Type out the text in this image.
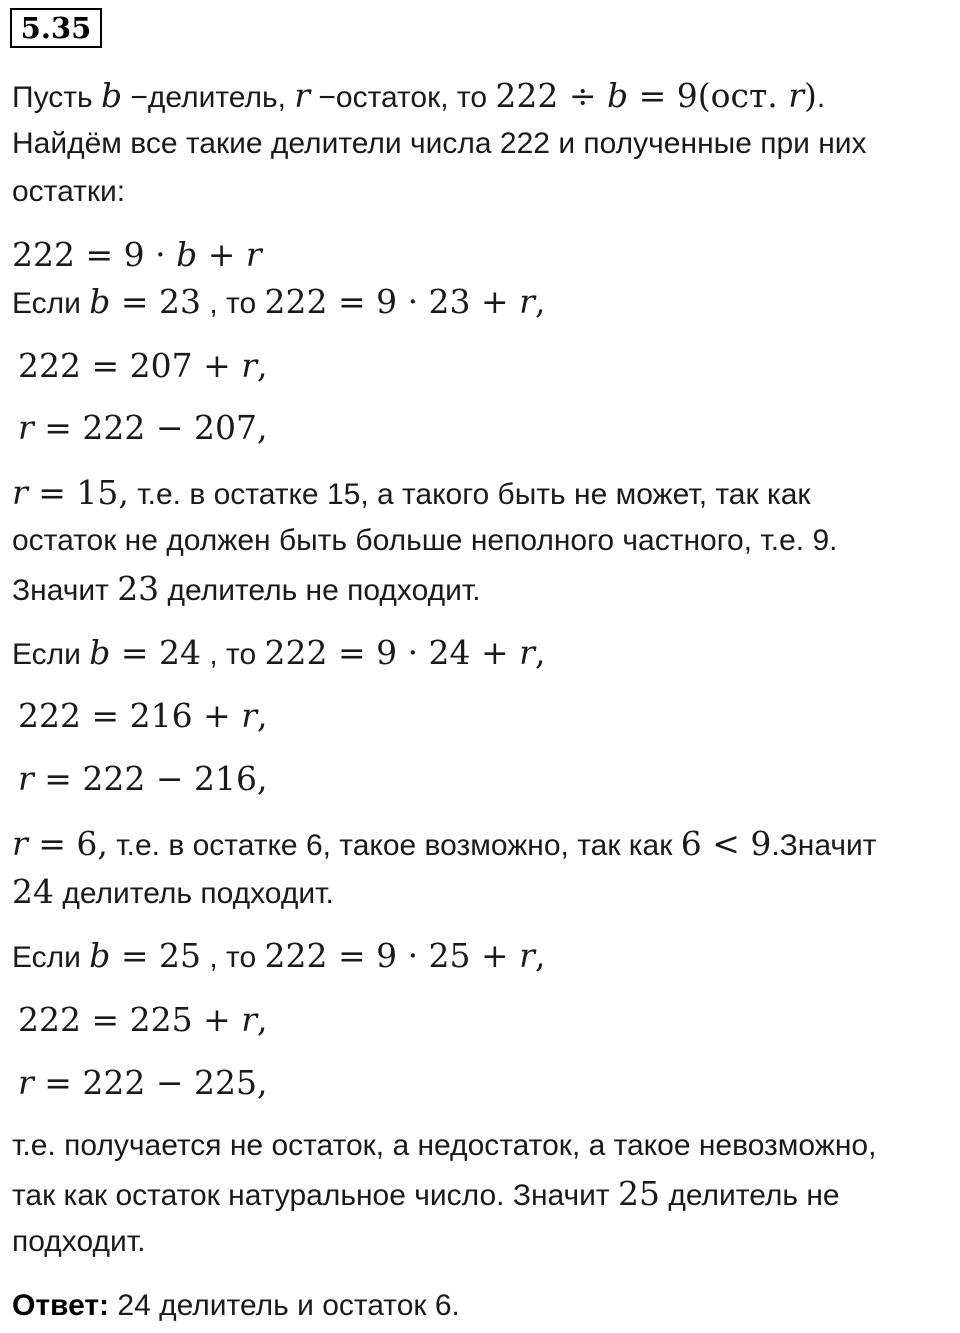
5.35
Пусть b −делитель, r −остаток, то 222 ÷ b = 9(ост. r).
Найдём все такие делители числа 222 и полученные при них
остатки:
222 = 9 · b + r
Если b = 23 , то 222 = 9 · 23 + r,
222 = 207 + r,
r = 222 − 207,
r = 15, т.е. в остатке 15, а такого быть не может, так как
остаток не должен быть больше неполного частного, т.е. 9.
Значит 23 делитель не подходит.
Если b = 24 , то 222 = 9 · 24 + r,
222 = 216 + r,
r = 222 − 216,
r = 6, т.е. в остатке 6, такое возможно, так как 6 < 9.Значит
24 делитель подходит.
Если b = 25 , то 222 = 9 · 25 + r,
222 = 225 + r,
r = 222 − 225,
т.е. получается не остаток, а недостаток, а такое невозможно,
так как остаток натуральное число. Значит 25 делитель не
подходит.
Ответ: 24 делитель и остаток 6.
